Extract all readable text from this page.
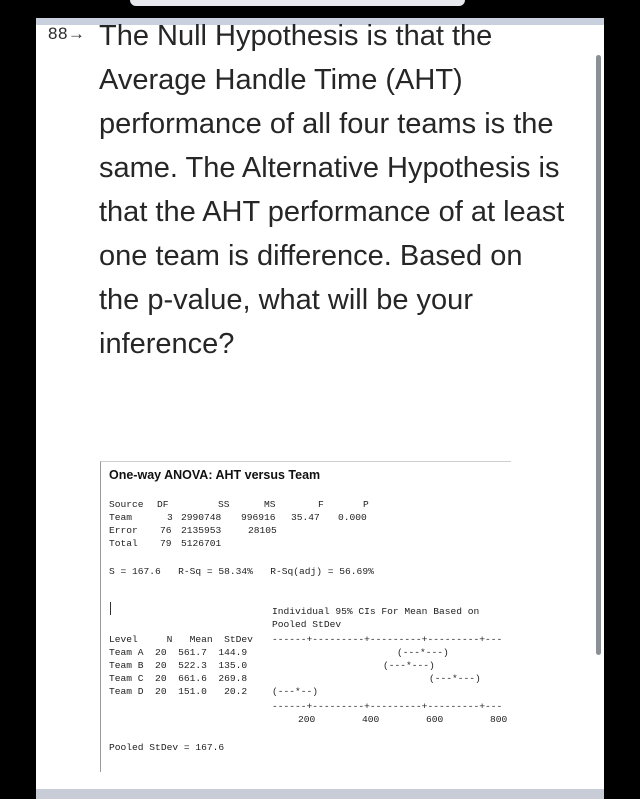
88→ The Null Hypothesis is that the Average Handle Time (AHT) performance of all four teams is the same. The Alternative Hypothesis is that the AHT performance of at least one team is difference. Based on the p-value, what will be your inference?
One-way ANOVA: AHT versus Team
Source DF	SS	MS	F	P
Team	3 2990748 996916 35.47 0.000
Error 76 2135953	28105
Total 79 5126701
S = 167.6   R-Sq = 58.34%   R-Sq(adj) = 56.69%
Individual 95% CIs For Mean Based on
Pooled StDev
Level     N   Mean  StDev ------+---------+---------+---------+---
Team A  20  561.7  144.9	(---*---)
Team B  20  522.3  135.0	(---*---)
Team C  20  661.6  269.8	(---*---)
Team D  20  151.0   20.2	(---*--)
------+---------+---------+---------+---
200	400	600	800
Pooled StDev = 167.6
